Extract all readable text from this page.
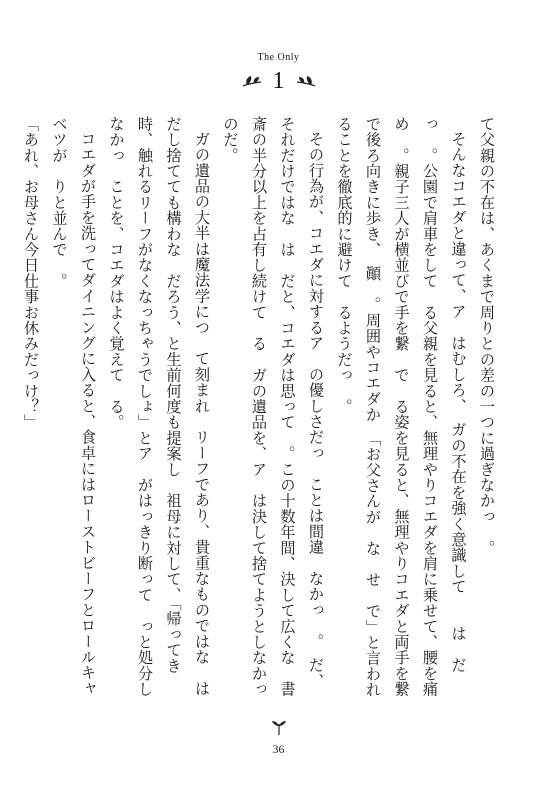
The Only
1

て父親の不在は、あくまで周りとの差の一つに過ぎなかっ　。

そんなコエダと違って、ア　はむしろ、　ガの不在を強く意識して　　は　だっ　。公園で肩車をして　る父親を見ると、無理やりコエダを肩に乗せて、腰を痛め　。親子三人が横並びで手を繋　で　る姿を見ると、無理やりコエダと両手を繋　で後ろ向きに歩き、　顚　。周囲やコエダか　「お父さんが　な　せ　で」と言われることを徹底的に避けて　るようだっ　。

その行為が、コエダに対するア　の優しさだっ　ことは間違　なかっ　。　だ、それだけではな　は　だと、コエダは思って　。この十数年間、決して広くな　書斎の半分以上を占有し続けて　る　ガの遺品を、ア　は決して捨てようとしなかっ　のだ。

ガの遺品の大半は魔法学につ　て刻まれ　リーフであり、貴重なものではな　は　だし捨てても構わな　だろう、と生前何度も提案し　祖母に対して、「帰ってき　時、触れるリーフがなくなっちゃうでしょ」とア　がはっきり断って　っと処分しなかっ　ことを、コエダはよく覚えて　る。

コエダが手を洗ってダイニングに入ると、食卓にはローストビーフとロールキャベツが　りと並んで　。

「あれ、お母さん今日仕事お休みだっけ？」

36
